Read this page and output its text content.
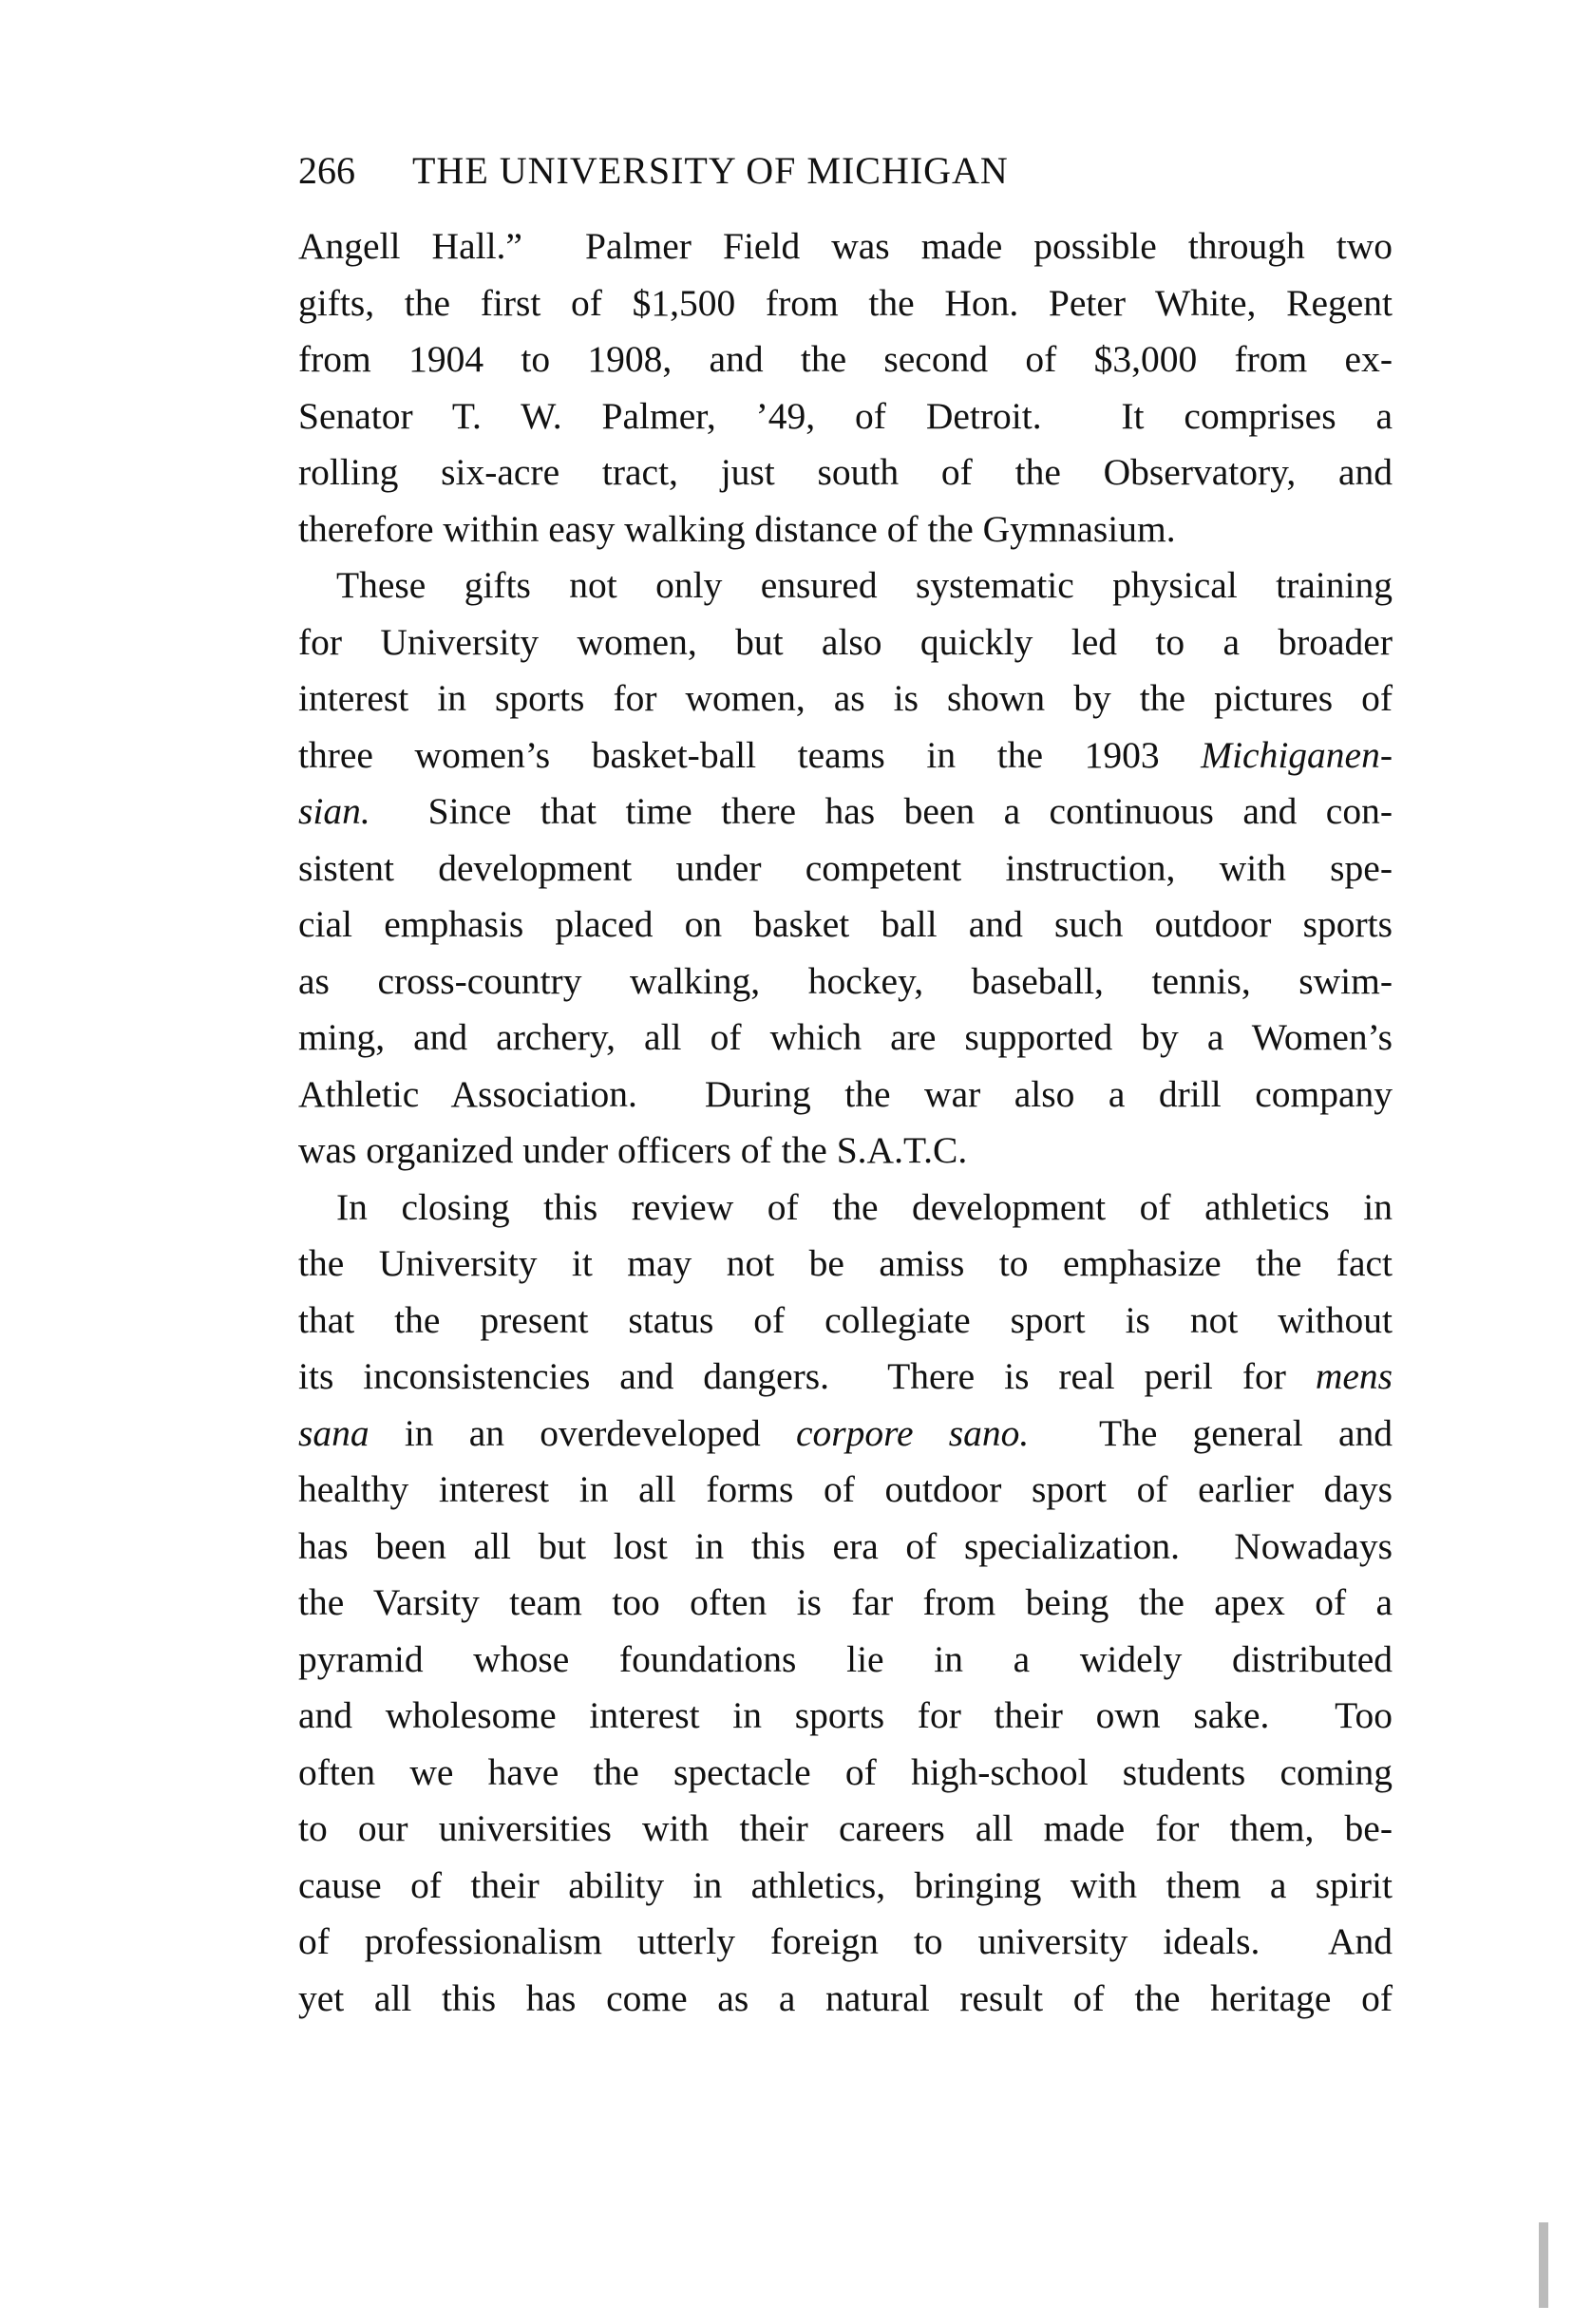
266 THE UNIVERSITY OF MICHIGAN
Angell Hall.”  Palmer Field was made possible through two
gifts, the first of $1,500 from the Hon. Peter White, Regent
from 1904 to 1908, and the second of $3,000 from ex-
Senator T. W. Palmer, ’49, of Detroit.  It comprises a
rolling six-acre tract, just south of the Observatory, and
therefore within easy walking distance of the Gymnasium.
These gifts not only ensured systematic physical training
for University women, but also quickly led to a broader
interest in sports for women, as is shown by the pictures of
three women’s basket-ball teams in the 1903 Michiganen-
sian.  Since that time there has been a continuous and con-
sistent development under competent instruction, with spe-
cial emphasis placed on basket ball and such outdoor sports
as cross-country walking, hockey, baseball, tennis, swim-
ming, and archery, all of which are supported by a Women’s
Athletic Association.  During the war also a drill company
was organized under officers of the S.A.T.C.
In closing this review of the development of athletics in
the University it may not be amiss to emphasize the fact
that the present status of collegiate sport is not without
its inconsistencies and dangers.  There is real peril for mens
sana in an overdeveloped corpore sano.  The general and
healthy interest in all forms of outdoor sport of earlier days
has been all but lost in this era of specialization.  Nowadays
the Varsity team too often is far from being the apex of a
pyramid whose foundations lie in a widely distributed
and wholesome interest in sports for their own sake.  Too
often we have the spectacle of high-school students coming
to our universities with their careers all made for them, be-
cause of their ability in athletics, bringing with them a spirit
of professionalism utterly foreign to university ideals.  And
yet all this has come as a natural result of the heritage of
